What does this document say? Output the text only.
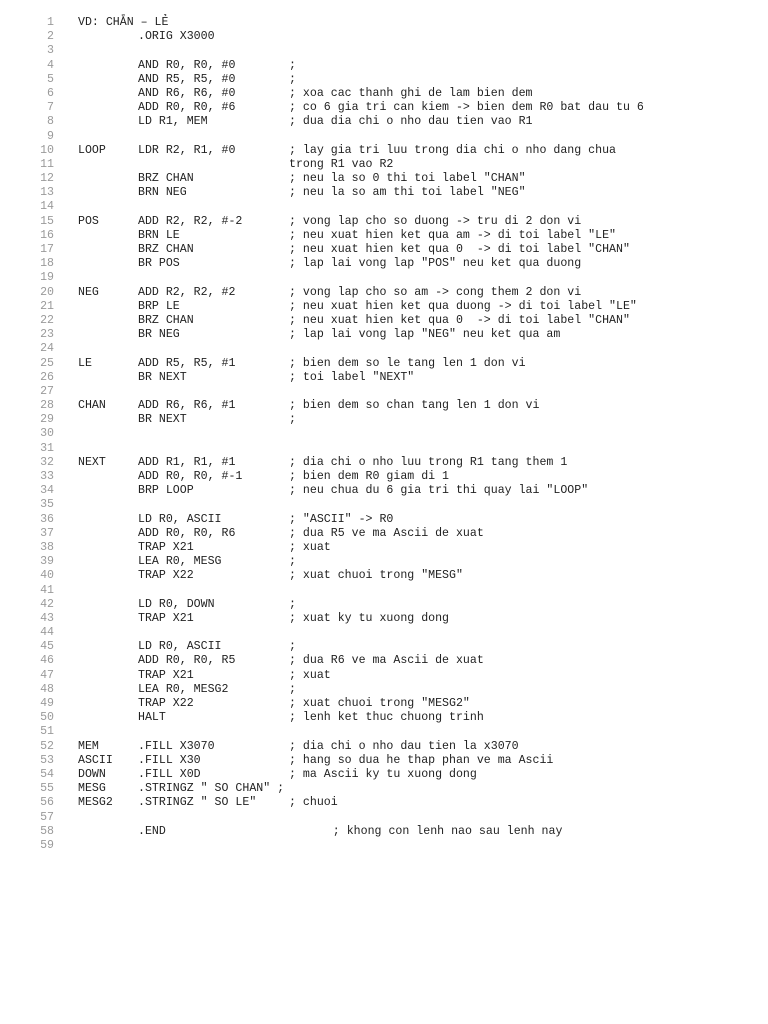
1 VD: CHẴN – LẺ
2	.ORIG X3000
3
4	AND R0, R0, #0	;
5	AND R5, R5, #0	;
6	AND R6, R6, #0	; xoa cac thanh ghi de lam bien dem
7	ADD R0, R0, #6	; co 6 gia tri can kiem -> bien dem R0 bat dau tu 6
8	LD R1, MEM	; dua dia chi o nho dau tien vao R1
9
10 LOOP	LDR R2, R1, #0	; lay gia tri luu trong dia chi o nho dang chua
11	trong R1 vao R2
12	BRZ CHAN	; neu la so 0 thi toi label "CHAN"
13	BRN NEG	; neu la so am thi toi label "NEG"
14
15 POS	ADD R2, R2, #-2	; vong lap cho so duong -> tru di 2 don vi
16	BRN LE	; neu xuat hien ket qua am -> di toi label "LE"
17	BRZ CHAN	; neu xuat hien ket qua 0  -> di toi label "CHAN"
18	BR POS	; lap lai vong lap "POS" neu ket qua duong
19
20 NEG	ADD R2, R2, #2	; vong lap cho so am -> cong them 2 don vi
21	BRP LE	; neu xuat hien ket qua duong -> di toi label "LE"
22	BRZ CHAN	; neu xuat hien ket qua 0  -> di toi label "CHAN"
23	BR NEG	; lap lai vong lap "NEG" neu ket qua am
24
25 LE	ADD R5, R5, #1	; bien dem so le tang len 1 don vi
26	BR NEXT	; toi label "NEXT"
27
28 CHAN	ADD R6, R6, #1	; bien dem so chan tang len 1 don vi
29	BR NEXT	;
30
31
32 NEXT	ADD R1, R1, #1	; dia chi o nho luu trong R1 tang them 1
33	ADD R0, R0, #-1	; bien dem R0 giam di 1
34	BRP LOOP	; neu chua du 6 gia tri thi quay lai "LOOP"
35
36	LD R0, ASCII	; "ASCII" -> R0
37	ADD R0, R0, R6	; dua R5 ve ma Ascii de xuat
38	TRAP X21	; xuat
39	LEA R0, MESG	;
40	TRAP X22	; xuat chuoi trong "MESG"
41
42	LD R0, DOWN	;
43	TRAP X21	; xuat ky tu xuong dong
44
45	LD R0, ASCII	;
46	ADD R0, R0, R5	; dua R6 ve ma Ascii de xuat
47	TRAP X21	; xuat
48	LEA R0, MESG2	;
49	TRAP X22	; xuat chuoi trong "MESG2"
50	HALT	; lenh ket thuc chuong trinh
51
52 MEM	.FILL X3070	; dia chi o nho dau tien la x3070
53 ASCII .FILL X30	; hang so dua he thap phan ve ma Ascii
54 DOWN	.FILL X0D	; ma Ascii ky tu xuong dong
55 MESG	.STRINGZ " SO CHAN" ;
56 MESG2 .STRINGZ " SO LE"	; chuoi
57
58	.END                        ; khong con lenh nao sau lenh nay
59
